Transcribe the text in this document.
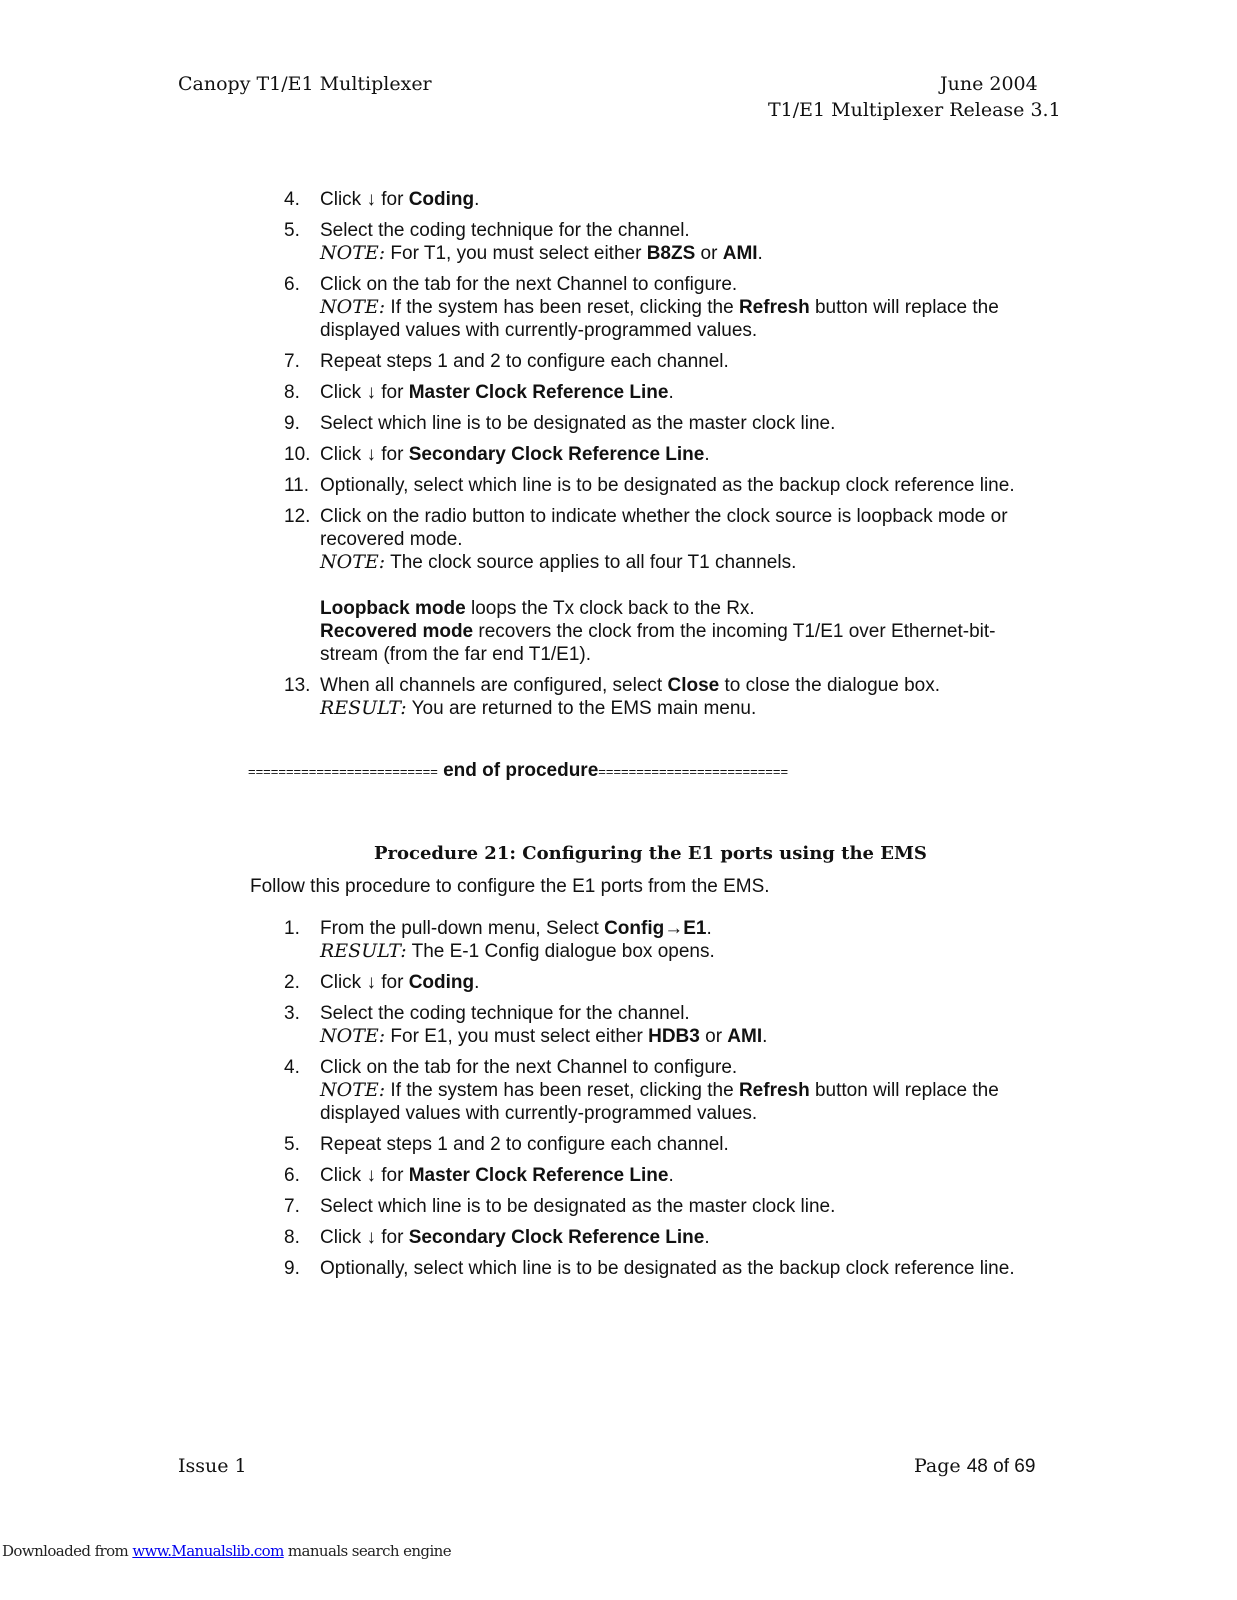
Canopy T1/E1 Multiplexer	June 2004
T1/E1 Multiplexer Release 3.1
4. Click ↓ for Coding.
5. Select the coding technique for the channel.
NOTE: For T1, you must select either B8ZS or AMI.
6. Click on the tab for the next Channel to configure.
NOTE: If the system has been reset, clicking the Refresh button will replace the displayed values with currently-programmed values.
7. Repeat steps 1 and 2 to configure each channel.
8. Click ↓ for Master Clock Reference Line.
9. Select which line is to be designated as the master clock line.
10. Click ↓ for Secondary Clock Reference Line.
11. Optionally, select which line is to be designated as the backup clock reference line.
12. Click on the radio button to indicate whether the clock source is loopback mode or recovered mode.
NOTE: The clock source applies to all four T1 channels.
Loopback mode loops the Tx clock back to the Rx.
Recovered mode recovers the clock from the incoming T1/E1 over Ethernet-bit-stream (from the far end T1/E1).
13. When all channels are configured, select Close to close the dialogue box.
RESULT: You are returned to the EMS main menu.
========================= end of procedure=========================
Procedure 21: Configuring the E1 ports using the EMS
Follow this procedure to configure the E1 ports from the EMS.
1. From the pull-down menu, Select Config→E1.
RESULT: The E-1 Config dialogue box opens.
2. Click ↓ for Coding.
3. Select the coding technique for the channel.
NOTE: For E1, you must select either HDB3 or AMI.
4. Click on the tab for the next Channel to configure.
NOTE: If the system has been reset, clicking the Refresh button will replace the displayed values with currently-programmed values.
5. Repeat steps 1 and 2 to configure each channel.
6. Click ↓ for Master Clock Reference Line.
7. Select which line is to be designated as the master clock line.
8. Click ↓ for Secondary Clock Reference Line.
9. Optionally, select which line is to be designated as the backup clock reference line.
Issue 1	Page 48 of 69
Downloaded from www.Manualslib.com manuals search engine
